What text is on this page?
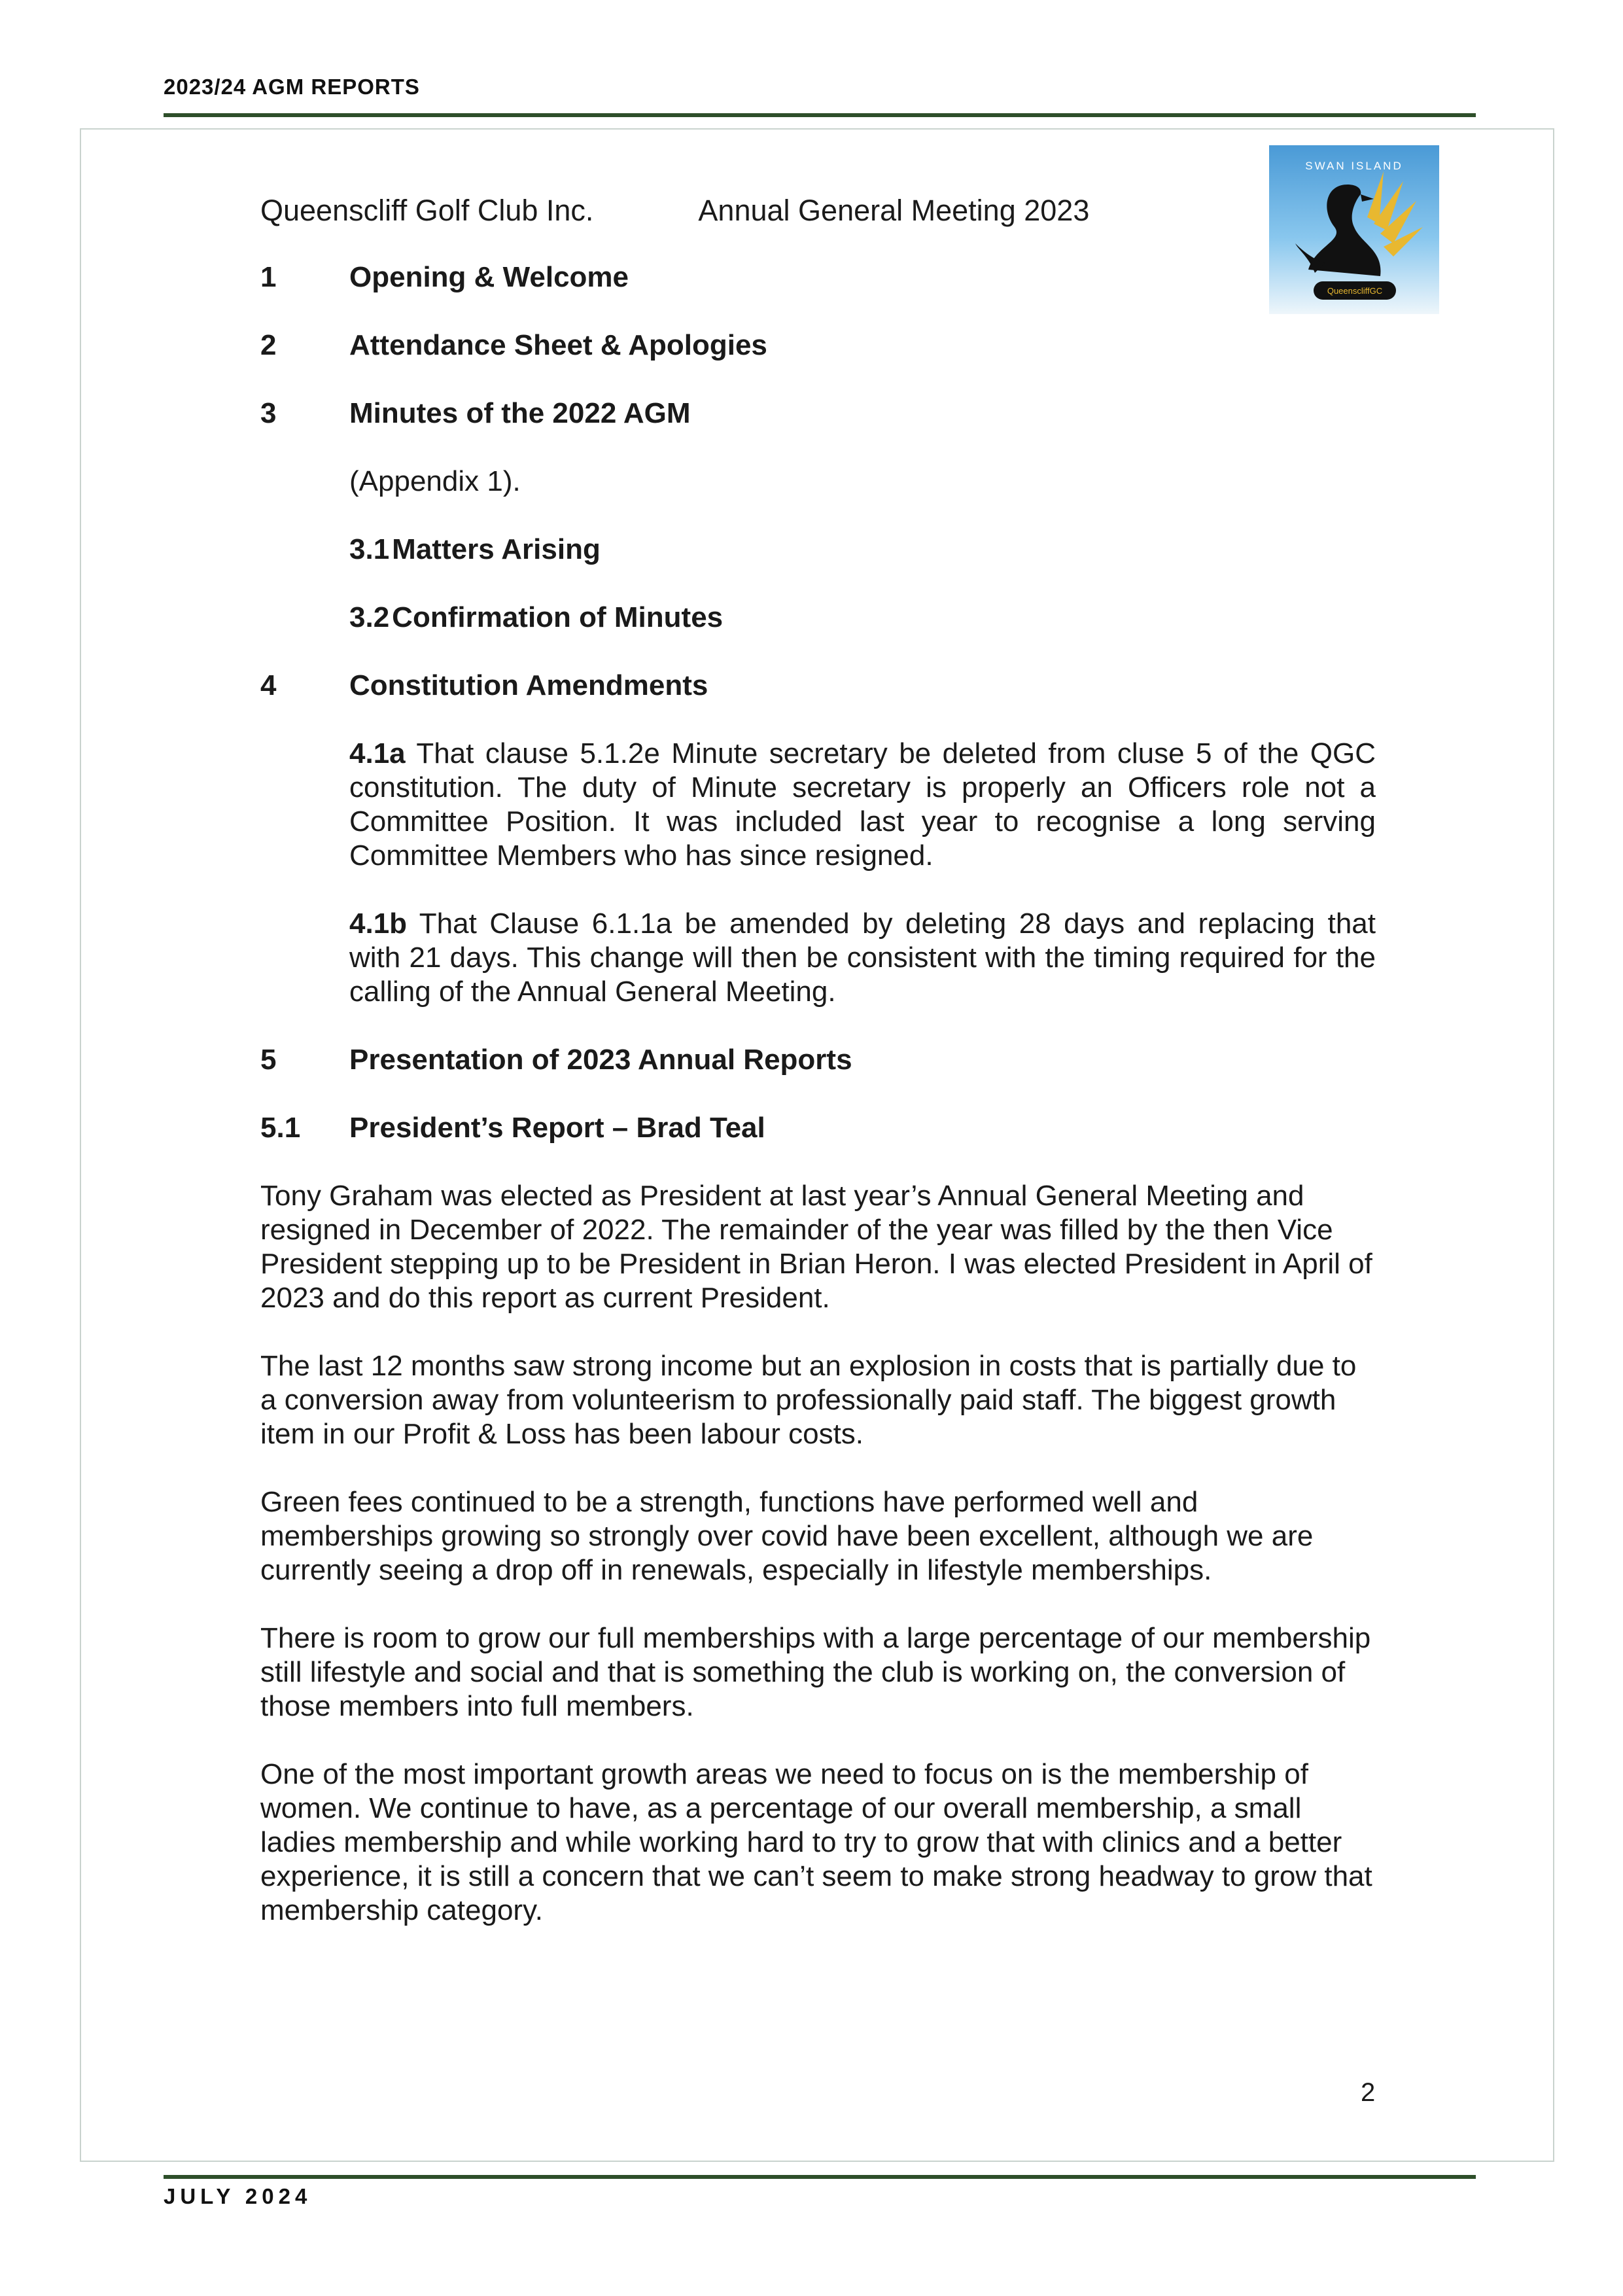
2023/24 AGM REPORTS
SWAN ISLAND
QueenscliffGC
Queenscliff Golf Club Inc.	Annual General Meeting 2023
1	Opening & Welcome
2	Attendance Sheet & Apologies
3	Minutes of the 2022 AGM
(Appendix 1).
3.1Matters Arising
3.2Confirmation of Minutes
4	Constitution Amendments
4.1a That clause 5.1.2e Minute secretary be deleted from cluse 5 of the QGC constitution. The duty of Minute secretary is properly an Officers role not a Committee Position. It was included last year to recognise a long serving Committee Members who has since resigned.
4.1b That Clause 6.1.1a be amended by deleting 28 days and replacing that with 21 days. This change will then be consistent with the timing required for the calling of the Annual General Meeting.
5	Presentation of 2023 Annual Reports
5.1	President’s Report – Brad Teal
Tony Graham was elected as President at last year’s Annual General Meeting and resigned in December of 2022. The remainder of the year was filled by the then Vice President stepping up to be President in Brian Heron. I was elected President in April of 2023 and do this report as current President.
The last 12 months saw strong income but an explosion in costs that is partially due to a conversion away from volunteerism to professionally paid staff. The biggest growth item in our Profit & Loss has been labour costs.
Green fees continued to be a strength, functions have performed well and memberships growing so strongly over covid have been excellent, although we are currently seeing a drop off in renewals, especially in lifestyle memberships.
There is room to grow our full memberships with a large percentage of our membership still lifestyle and social and that is something the club is working on, the conversion of those members into full members.
One of the most important growth areas we need to focus on is the membership of women. We continue to have, as a percentage of our overall membership, a small ladies membership and while working hard to try to grow that with clinics and a better experience, it is still a concern that we can’t seem to make strong headway to grow that membership category.
2
JULY 2024
